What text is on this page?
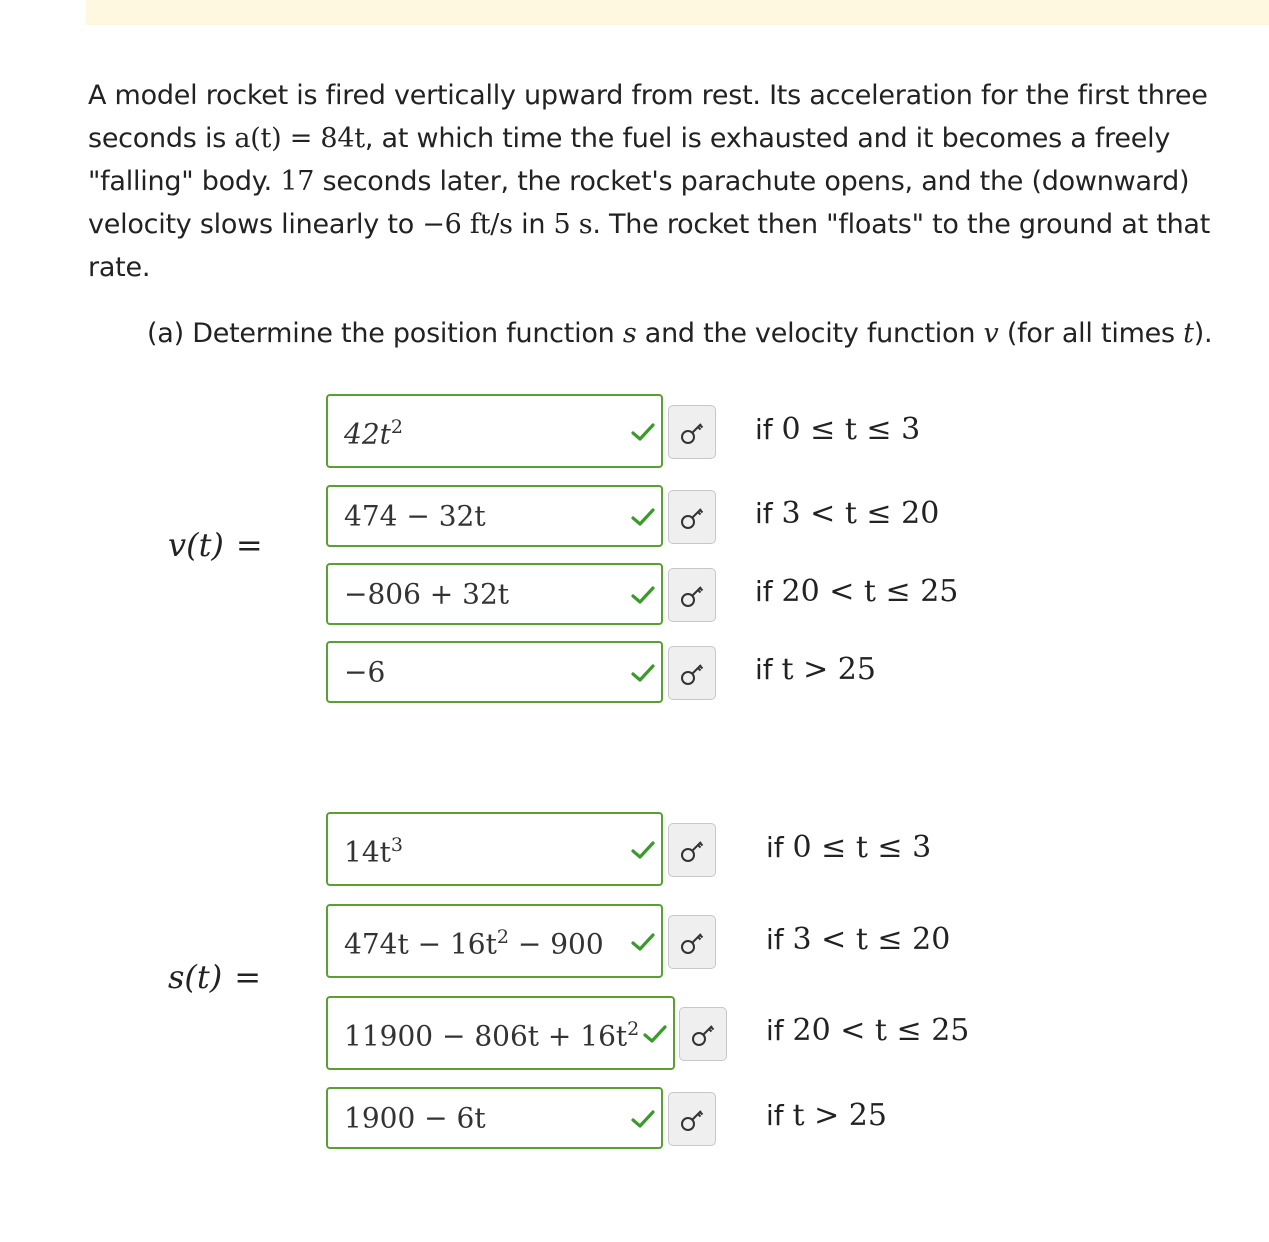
A model rocket is fired vertically upward from rest. Its acceleration for the first three seconds is a(t) = 84t, at which time the fuel is exhausted and it becomes a freely "falling" body. 17 seconds later, the rocket's parachute opens, and the (downward) velocity slows linearly to −6 ft/s in 5 s. The rocket then "floats" to the ground at that rate.

(a) Determine the position function s and the velocity function v (for all times t).
v(t) =
$42t^2$	if 0 ≤ t ≤ 3
474 − 32t	if 3 < t ≤ 20
−806 + 32t	if 20 < t ≤ 25
−6	if t > 25
s(t) =
$14t^3$	if 0 ≤ t ≤ 3
$474t - 16t^2 - 900$	if 3 < t ≤ 20
$11900 - 806t + 16t^2$	if 20 < t ≤ 25
1900 − 6t	if t > 25
